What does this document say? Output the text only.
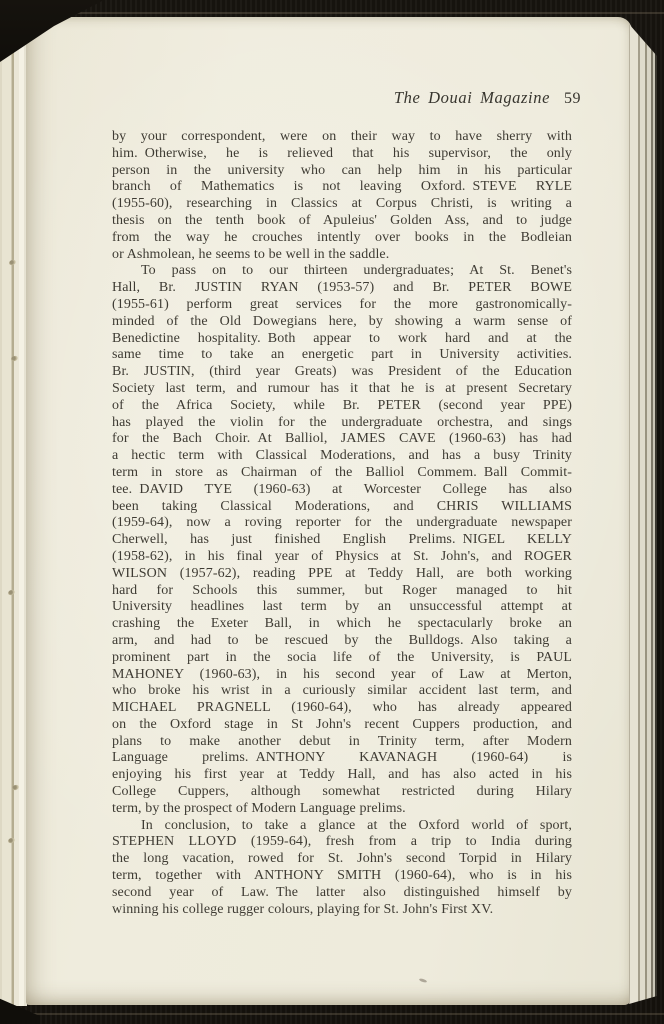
The Douai Magazine 59
by your correspondent, were on their way to have sherry with
him. Otherwise, he is relieved that his supervisor, the only
person in the university who can help him in his particular
branch of Mathematics is not leaving Oxford. STEVE RYLE
(1955-60), researching in Classics at Corpus Christi, is writing a
thesis on the tenth book of Apuleius' Golden Ass, and to judge
from the way he crouches intently over books in the Bodleian
or Ashmolean, he seems to be well in the saddle.
To pass on to our thirteen undergraduates; At St. Benet's
Hall, Br. JUSTIN RYAN (1953-57) and Br. PETER BOWE
(1955-61) perform great services for the more gastronomically-
minded of the Old Dowegians here, by showing a warm sense of
Benedictine hospitality. Both appear to work hard and at the
same time to take an energetic part in University activities.
Br. JUSTIN, (third year Greats) was President of the Education
Society last term, and rumour has it that he is at present Secretary
of the Africa Society, while Br. PETER (second year PPE)
has played the violin for the undergraduate orchestra, and sings
for the Bach Choir. At Balliol, JAMES CAVE (1960-63) has had
a hectic term with Classical Moderations, and has a busy Trinity
term in store as Chairman of the Balliol Commem. Ball Commit-
tee. DAVID TYE (1960-63) at Worcester College has also
been taking Classical Moderations, and CHRIS WILLIAMS
(1959-64), now a roving reporter for the undergraduate newspaper
Cherwell, has just finished English Prelims. NIGEL KELLY
(1958-62), in his final year of Physics at St. John's, and ROGER
WILSON (1957-62), reading PPE at Teddy Hall, are both working
hard for Schools this summer, but Roger managed to hit
University headlines last term by an unsuccessful attempt at
crashing the Exeter Ball, in which he spectacularly broke an
arm, and had to be rescued by the Bulldogs. Also taking a
prominent part in the socia life of the University, is PAUL
MAHONEY (1960-63), in his second year of Law at Merton,
who broke his wrist in a curiously similar accident last term, and
MICHAEL PRAGNELL (1960-64), who has already appeared
on the Oxford stage in St John's recent Cuppers production, and
plans to make another debut in Trinity term, after Modern
Language prelims. ANTHONY KAVANAGH (1960-64) is
enjoying his first year at Teddy Hall, and has also acted in his
College Cuppers, although somewhat restricted during Hilary
term, by the prospect of Modern Language prelims.
In conclusion, to take a glance at the Oxford world of sport,
STEPHEN LLOYD (1959-64), fresh from a trip to India during
the long vacation, rowed for St. John's second Torpid in Hilary
term, together with ANTHONY SMITH (1960-64), who is in his
second year of Law. The latter also distinguished himself by
winning his college rugger colours, playing for St. John's First XV.
